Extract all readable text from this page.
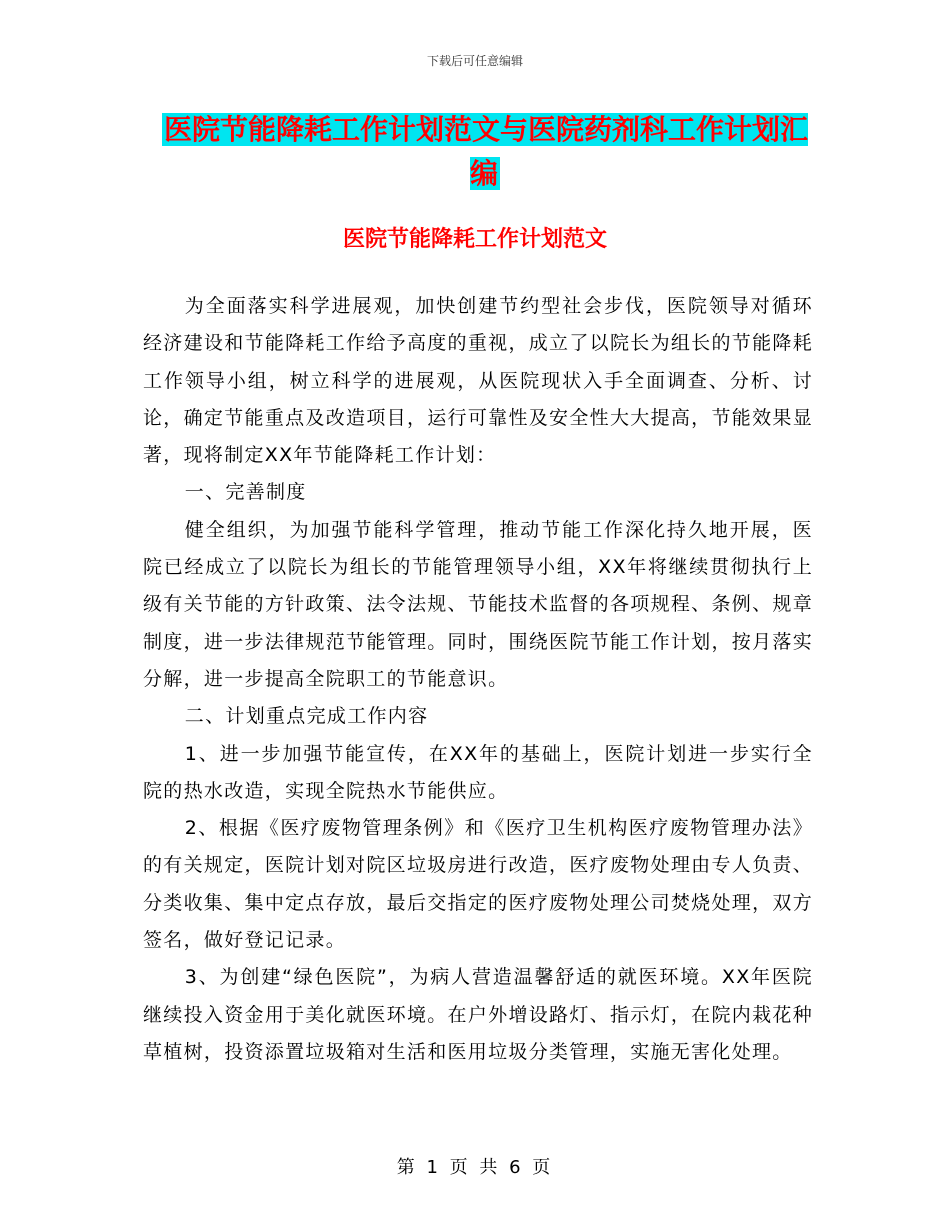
下载后可任意编辑
医院节能降耗工作计划范文与医院药剂科工作计划汇编
医院节能降耗工作计划范文

为全面落实科学进展观，加快创建节约型社会步伐，医院领导对循环经济建设和节能降耗工作给予高度的重视，成立了以院长为组长的节能降耗工作领导小组，树立科学的进展观，从医院现状入手全面调查、分析、讨论，确定节能重点及改造项目，运行可靠性及安全性大大提高，节能效果显著，现将制定XX年节能降耗工作计划：

一、完善制度

健全组织，为加强节能科学管理，推动节能工作深化持久地开展，医院已经成立了以院长为组长的节能管理领导小组，XX年将继续贯彻执行上级有关节能的方针政策、法令法规、节能技术监督的各项规程、条例、规章制度，进一步法律规范节能管理。同时，围绕医院节能工作计划，按月落实分解，进一步提高全院职工的节能意识。

二、计划重点完成工作内容

1、进一步加强节能宣传，在XX年的基础上，医院计划进一步实行全院的热水改造，实现全院热水节能供应。

2、根据《医疗废物管理条例》和《医疗卫生机构医疗废物管理办法》的有关规定，医院计划对院区垃圾房进行改造，医疗废物处理由专人负责、分类收集、集中定点存放，最后交指定的医疗废物处理公司焚烧处理，双方签名，做好登记记录。

3、为创建“绿色医院”，为病人营造温馨舒适的就医环境。XX年医院继续投入资金用于美化就医环境。在户外增设路灯、指示灯，在院内栽花种草植树，投资添置垃圾箱对生活和医用垃圾分类管理，实施无害化处理。

第 1 页 共 6 页
